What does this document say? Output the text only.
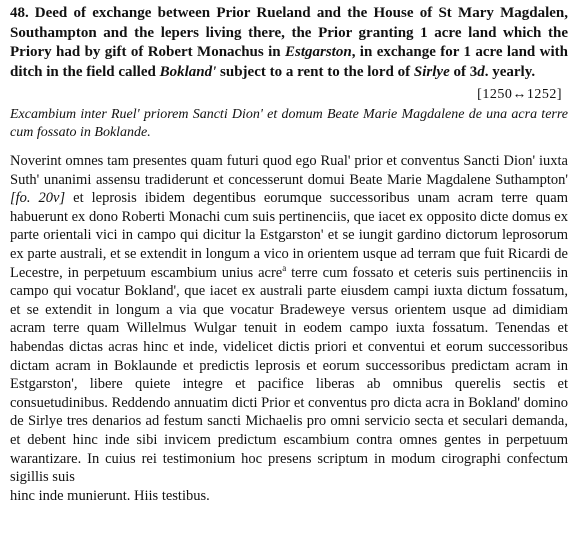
48. Deed of exchange between Prior Rueland and the House of St Mary Magdalen, Southampton and the lepers living there, the Prior granting 1 acre land which the Priory had by gift of Robert Monachus in Estgarston, in exchange for 1 acre land with ditch in the field called Bokland' subject to a rent to the lord of Sirlye of 3d. yearly.

[1250↔1252]
Excambium inter Ruel' priorem Sancti Dion' et domum Beate Marie Magdalene de una acra terre cum fossato in Boklande.

Noverint omnes tam presentes quam futuri quod ego Rual' prior et conventus Sancti Dion' iuxta Suth' unanimi assensu tradiderunt et concesserunt domui Beate Marie Magdalene Suthampton' [fo. 20v] et leprosis ibidem degentibus eorumque successoribus unam acram terre quam habuerunt ex dono Roberti Monachi cum suis pertinenciis, que iacet ex opposito dicte domus ex parte orientali vici in campo qui dicitur la Estgarston' et se iungit gardino dictorum leprosorum ex parte australi, et se extendit in longum a vico in orientem usque ad terram que fuit Ricardi de Lecestre, in perpetuum escambium unius acre$^a$ terre cum fossato et ceteris suis pertinenciis in campo qui vocatur Bokland', que iacet ex australi parte eiusdem campi iuxta dictum fossatum, et se extendit in longum a via que vocatur Bradeweye versus orientem usque ad dimidiam acram terre quam Willelmus Wulgar tenuit in eodem campo iuxta fossatum. Tenendas et habendas dictas acras hinc et inde, videlicet dictis priori et conventui et eorum successoribus dictam acram in Boklaunde et predictis leprosis et eorum successoribus predictam acram in Estgarston', libere quiete integre et pacifice liberas ab omnibus querelis sectis et consuetudinibus. Reddendo annuatim dicti Prior et conventus pro dicta acra in Bokland' domino de Sirlye tres denarios ad festum sancti Michaelis pro omni servicio secta et seculari demanda, et debent hinc inde sibi invicem predictum escambium contra omnes gentes in perpetuum warantizare. In cuius rei testimonium hoc presens scriptum in modum cirographi confectum sigillis suis
hinc inde munierunt. Hiis testibus.
